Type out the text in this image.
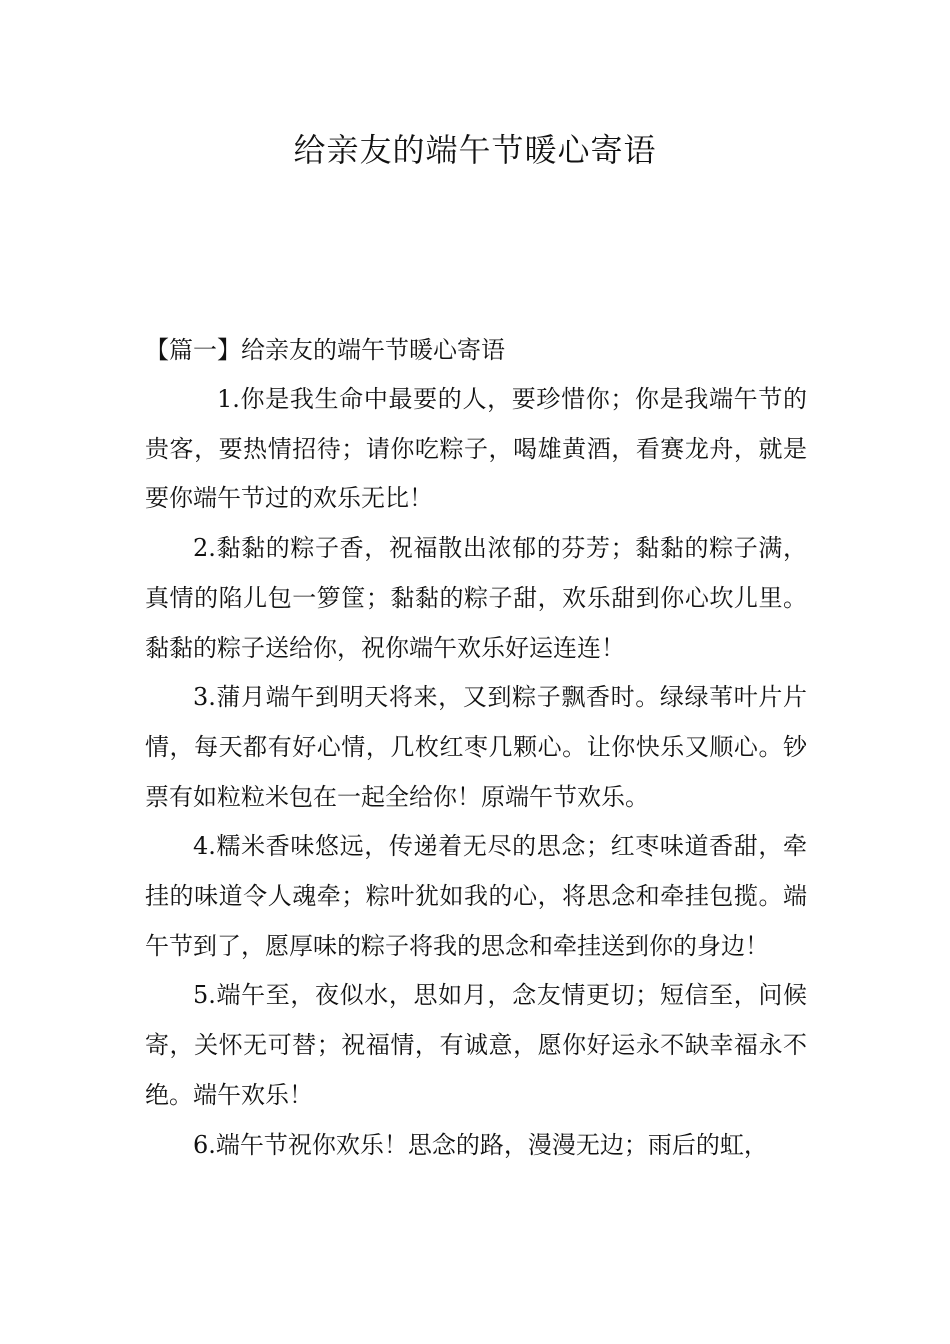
给亲友的端午节暖心寄语
【篇一】给亲友的端午节暖心寄语

1.你是我生命中最要的人，要珍惜你；你是我端午节的贵客，要热情招待；请你吃粽子，喝雄黄酒，看赛龙舟，就是要你端午节过的欢乐无比！

2.黏黏的粽子香，祝福散出浓郁的芬芳；黏黏的粽子满，真情的陷儿包一箩筐；黏黏的粽子甜，欢乐甜到你心坎儿里。黏黏的粽子送给你，祝你端午欢乐好运连连！

3.蒲月端午到明天将来，又到粽子飘香时。绿绿苇叶片片情，每天都有好心情，几枚红枣几颗心。让你快乐又顺心。钞票有如粒粒米包在一起全给你！原端午节欢乐。

4.糯米香味悠远，传递着无尽的思念；红枣味道香甜，牵挂的味道令人魂牵；粽叶犹如我的心，将思念和牵挂包揽。端午节到了，愿厚味的粽子将我的思念和牵挂送到你的身边！

5.端午至，夜似水，思如月，念友情更切；短信至，问候寄，关怀无可替；祝福情，有诚意，愿你好运永不缺幸福永不绝。端午欢乐！

6.端午节祝你欢乐！思念的路，漫漫无边；雨后的虹，
